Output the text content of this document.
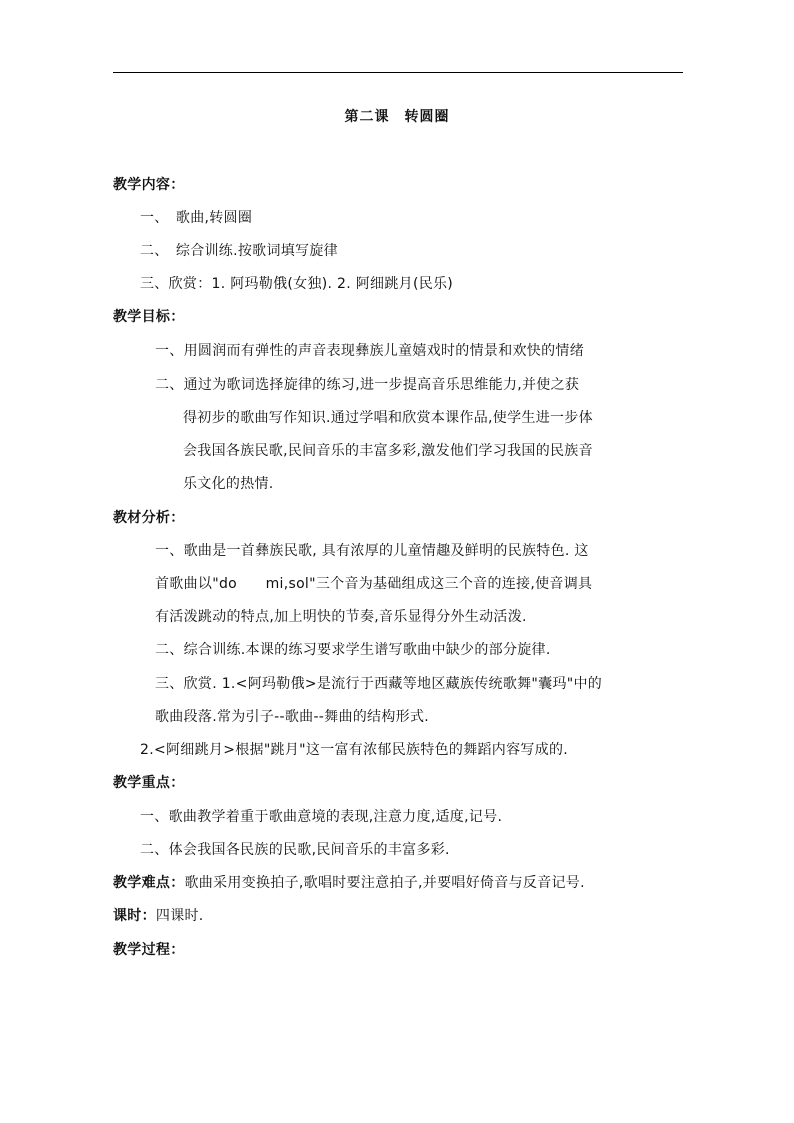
第二课　转圆圈
教学内容：
一、　歌曲,转圆圈
二、　综合训练.按歌词填写旋律
三、欣赏：1. 阿玛勒俄(女独). 2. 阿细跳月(民乐)
教学目标：
一、用圆润而有弹性的声音表现彝族儿童嬉戏时的情景和欢快的情绪
二、通过为歌词选择旋律的练习,进一步提高音乐思维能力,并使之获
得初步的歌曲写作知识.通过学唱和欣赏本课作品,使学生进一步体
会我国各族民歌,民间音乐的丰富多彩,激发他们学习我国的民族音
乐文化的热情.
教材分析：
一、歌曲是一首彝族民歌, 具有浓厚的儿童情趣及鲜明的民族特色. 这
首歌曲以"do　　mi,sol"三个音为基础组成这三个音的连接,使音调具
有活泼跳动的特点,加上明快的节奏,音乐显得分外生动活泼.
二、综合训练.本课的练习要求学生谱写歌曲中缺少的部分旋律.
三、欣赏. 1.<阿玛勒俄>是流行于西藏等地区藏族传统歌舞"囊玛"中的
歌曲段落.常为引子--歌曲--舞曲的结构形式.
2.<阿细跳月>根据"跳月"这一富有浓郁民族特色的舞蹈内容写成的.
教学重点：
一、歌曲教学着重于歌曲意境的表现,注意力度,适度,记号.
二、体会我国各民族的民歌,民间音乐的丰富多彩.
教学难点：歌曲采用变换拍子,歌唱时要注意拍子,并要唱好倚音与反音记号.
课时：四课时.
教学过程：
